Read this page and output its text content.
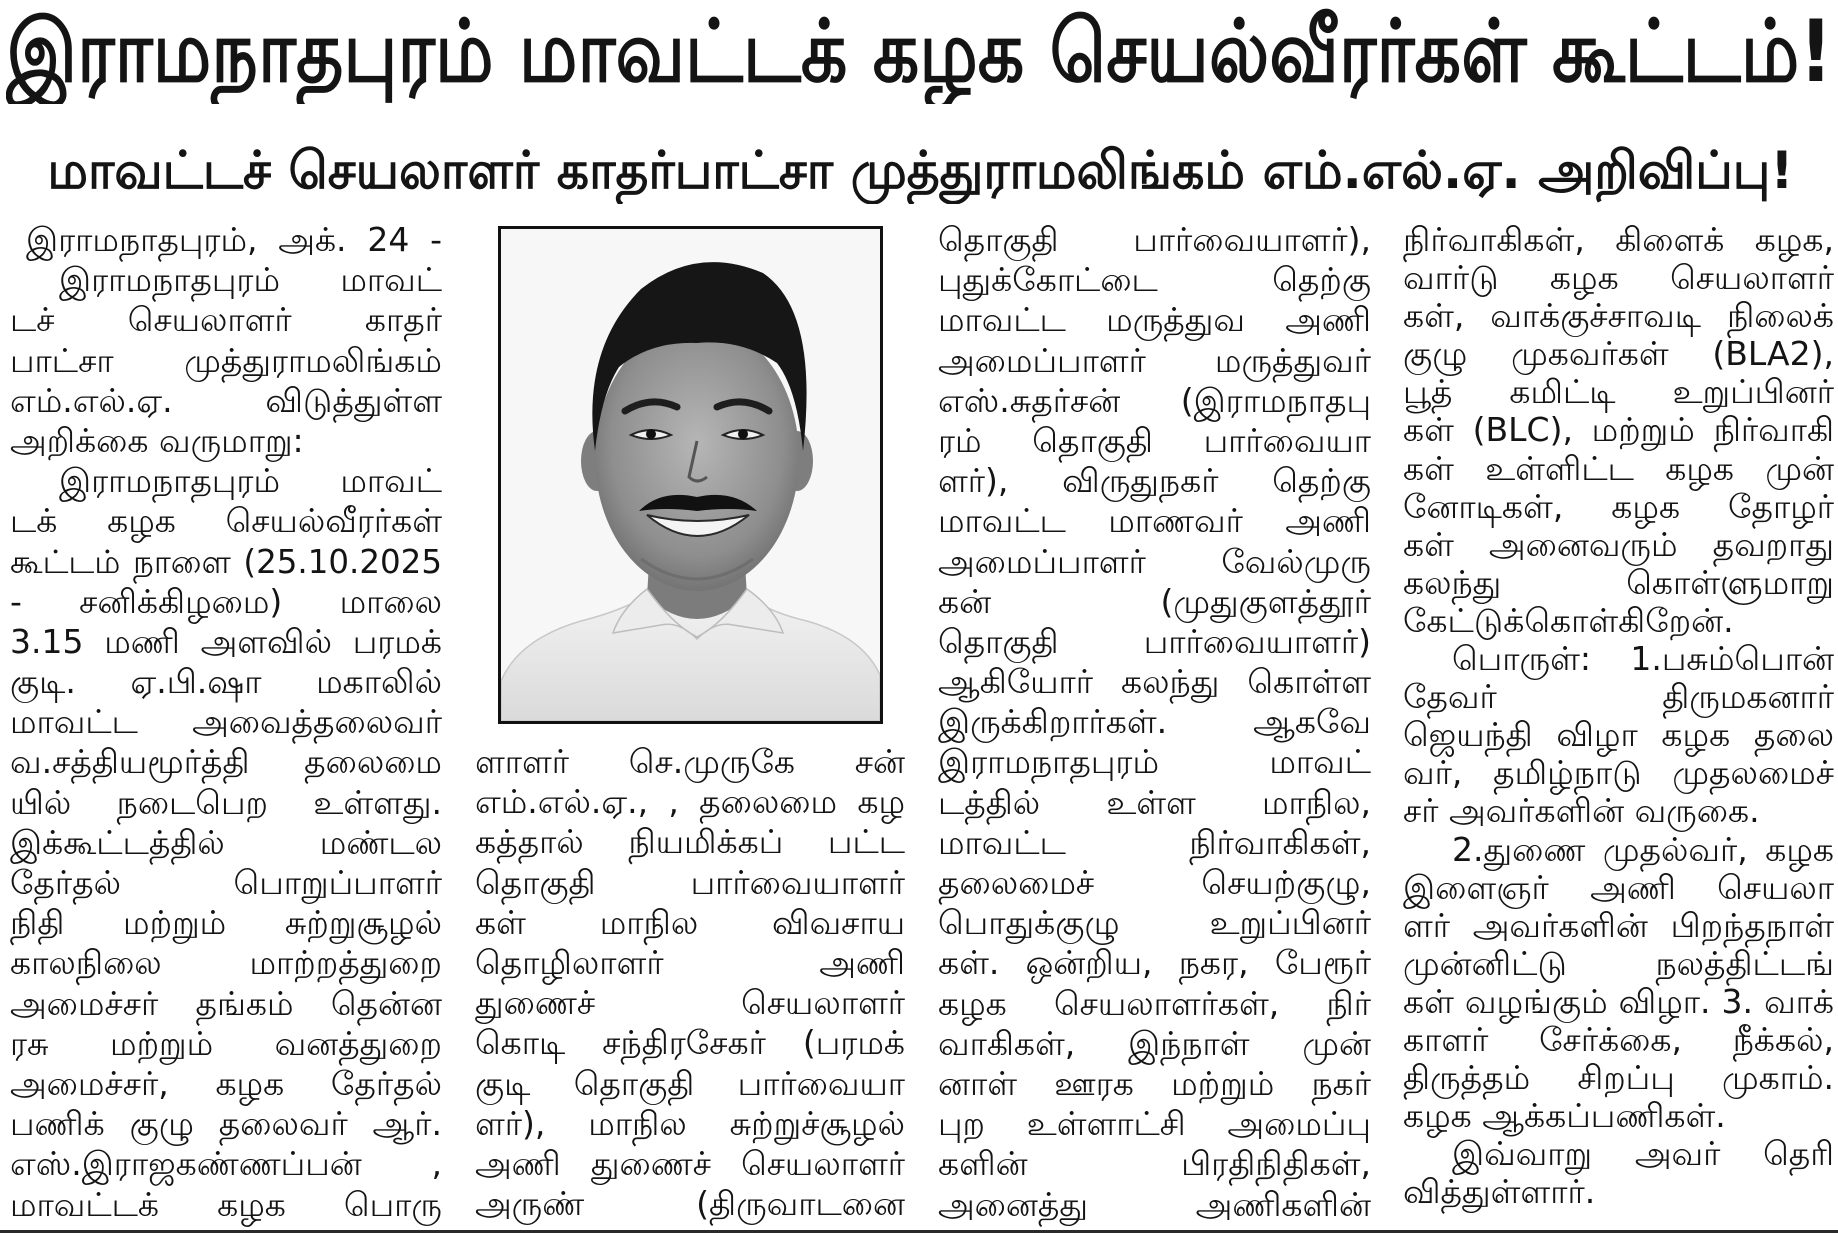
இராமநாதபுரம் மாவட்டக் கழக செயல்வீரர்கள் கூட்டம்!
மாவட்டச் செயலாளர் காதர்பாட்சா முத்துராமலிங்கம் எம்.எல்.ஏ. அறிவிப்பு!
இராமநாதபுரம், அக். 24 -
இராமநாதபுரம் மாவட்
டச் செயலாளர் காதர்
பாட்சா முத்துராமலிங்கம்
எம்.எல்.ஏ. விடுத்துள்ள
அறிக்கை வருமாறு:
இராமநாதபுரம் மாவட்
டக் கழக செயல்வீரர்கள்
கூட்டம் நாளை (25.10.2025
- சனிக்கிழமை) மாலை
3.15 மணி அளவில் பரமக்
குடி. ஏ.பி.ஷா மகாலில்
மாவட்ட அவைத்தலைவர்
வ.சத்தியமூர்த்தி தலைமை
யில் நடைபெற உள்ளது.
இக்கூட்டத்தில் மண்டல
தேர்தல் பொறுப்பாளர்
நிதி மற்றும் சுற்றுசூழல்
காலநிலை மாற்றத்துறை
அமைச்சர் தங்கம் தென்ன
ரசு மற்றும் வனத்துறை
அமைச்சர், கழக தேர்தல்
பணிக் குழு தலைவர் ஆர்.
எஸ்.இராஜகண்ணப்பன் ,
மாவட்டக் கழக பொரு
ளாளர் செ.முருகே சன்
எம்.எல்.ஏ., , தலைமை கழ
கத்தால் நியமிக்கப் பட்ட
தொகுதி பார்வையாளர்
கள் மாநில விவசாய
தொழிலாளர் அணி
துணைச் செயலாளர்
கொடி சந்திரசேகர் (பரமக்
குடி தொகுதி பார்வையா
ளர்), மாநில சுற்றுச்சூழல்
அணி துணைச் செயலாளர்
அருண் (திருவாடனை
தொகுதி பார்வையாளர்),
புதுக்கோட்டை தெற்கு
மாவட்ட மருத்துவ அணி
அமைப்பாளர் மருத்துவர்
எஸ்.சுதர்சன் (இராமநாதபு
ரம் தொகுதி பார்வையா
ளர்), விருதுநகர் தெற்கு
மாவட்ட மாணவர் அணி
அமைப்பாளர் வேல்முரு
கன் (முதுகுளத்தூர்
தொகுதி பார்வையாளர்)
ஆகியோர் கலந்து கொள்ள
இருக்கிறார்கள். ஆகவே
இராமநாதபுரம் மாவட்
டத்தில் உள்ள மாநில,
மாவட்ட நிர்வாகிகள்,
தலைமைச் செயற்குழு,
பொதுக்குழு உறுப்பினர்
கள். ஒன்றிய, நகர, பேரூர்
கழக செயலாளர்கள், நிர்
வாகிகள், இந்நாள் முன்
னாள் ஊரக மற்றும் நகர்
புற உள்ளாட்சி அமைப்பு
களின் பிரதிநிதிகள்,
அனைத்து அணிகளின்
நிர்வாகிகள், கிளைக் கழக,
வார்டு கழக செயலாளர்
கள், வாக்குச்சாவடி நிலைக்
குழு முகவர்கள் (BLA2),
பூத் கமிட்டி உறுப்பினர்
கள் (BLC), மற்றும் நிர்வாகி
கள் உள்ளிட்ட கழக முன்
னோடிகள், கழக தோழர்
கள் அனைவரும் தவறாது
கலந்து கொள்ளுமாறு
கேட்டுக்கொள்கிறேன்.
பொருள்: 1.பசும்பொன்
தேவர் திருமகனார்
ஜெயந்தி விழா கழக தலை
வர், தமிழ்நாடு முதலமைச்
சர் அவர்களின் வருகை.
2.துணை முதல்வர், கழக
இளைஞர் அணி செயலா
ளர் அவர்களின் பிறந்தநாள்
முன்னிட்டு நலத்திட்டங்
கள் வழங்கும் விழா. 3. வாக்
காளர் சேர்க்கை, நீக்கல்,
திருத்தம் சிறப்பு முகாம்.
கழக ஆக்கப்பணிகள்.
இவ்வாறு அவர் தெரி
வித்துள்ளார்.
